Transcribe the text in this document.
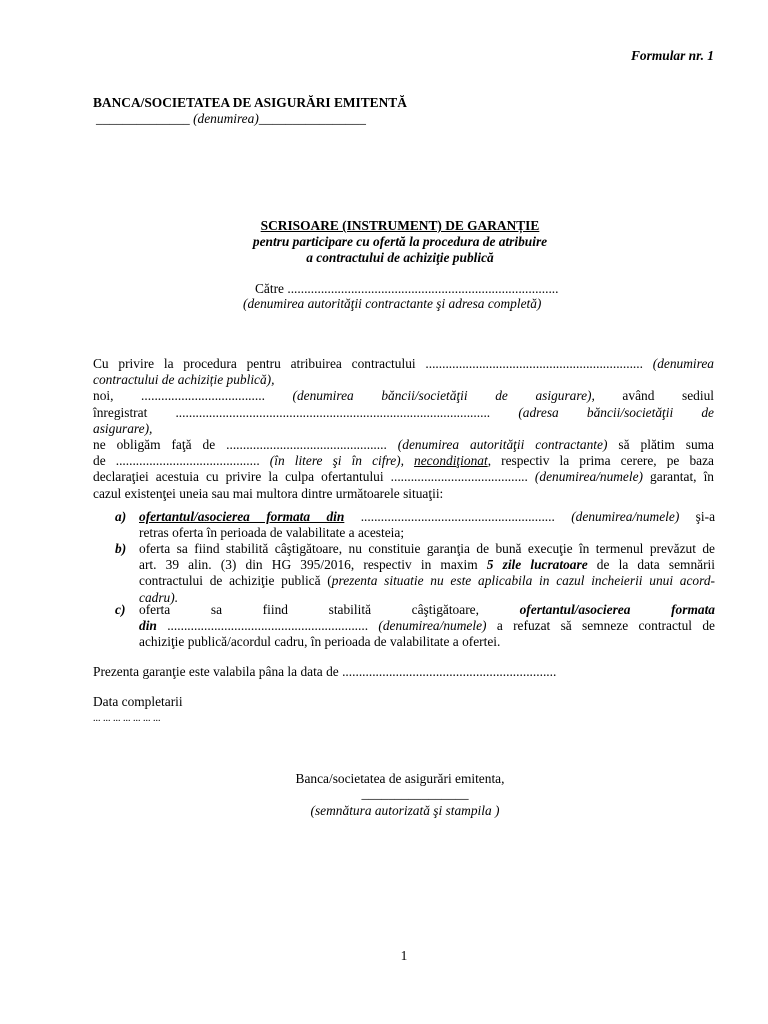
Formular nr. 1
BANCA/SOCIETATEA DE ASIGURĂRI EMITENTĂ
______________ (denumirea)________________
SCRISOARE (INSTRUMENT) DE GARANȚIE
pentru participare cu ofertă la procedura de atribuire
a contractului de achiziţie publică
Către .................................................................................
(denumirea autorităţii contractante şi adresa completă)
Cu privire la procedura pentru atribuirea contractului ................................................................. (denumirea
contractului de achiziție publică),
noi, ..................................... (denumirea băncii/societăţii de asigurare), având sediul
înregistrat .............................................................................................. (adresa băncii/societăţii de
asigurare),
ne obligăm faţă de ................................................ (denumirea autorităţii contractante) să plătim suma
de ........................................... (în litere şi în cifre), necondiţionat, respectiv la prima cerere, pe baza
declaraţiei acestuia cu privire la culpa ofertantului ......................................... (denumirea/numele) garantat, în
cazul existenţei uneia sau mai multora dintre următoarele situaţii:
a) ofertantul/asocierea formata din .......................................................... (denumirea/numele) şi-a
retras oferta în perioada de valabilitate a acesteia;
b) oferta sa fiind stabilită câştigătoare, nu constituie garanţia de bună execuţie în termenul prevăzut de
art. 39 alin. (3) din HG 395/2016, respectiv in maxim 5 zile lucratoare de la data semnării
contractului de achiziţie publică (prezenta situatie nu este aplicabila in cazul incheierii unui acord-
cadru).
c) oferta sa fiind stabilită câştigătoare, ofertantul/asocierea formata
din ............................................................ (denumirea/numele) a refuzat să semneze contractul de
achiziţie publică/acordul cadru, în perioada de valabilitate a ofertei.
Prezenta garanţie este valabila pâna la data de ................................................................
Data completarii
... ... ... ... ... ... ...
Banca/societatea de asigurări emitenta,
________________
(semnătura autorizată şi stampila )
1
